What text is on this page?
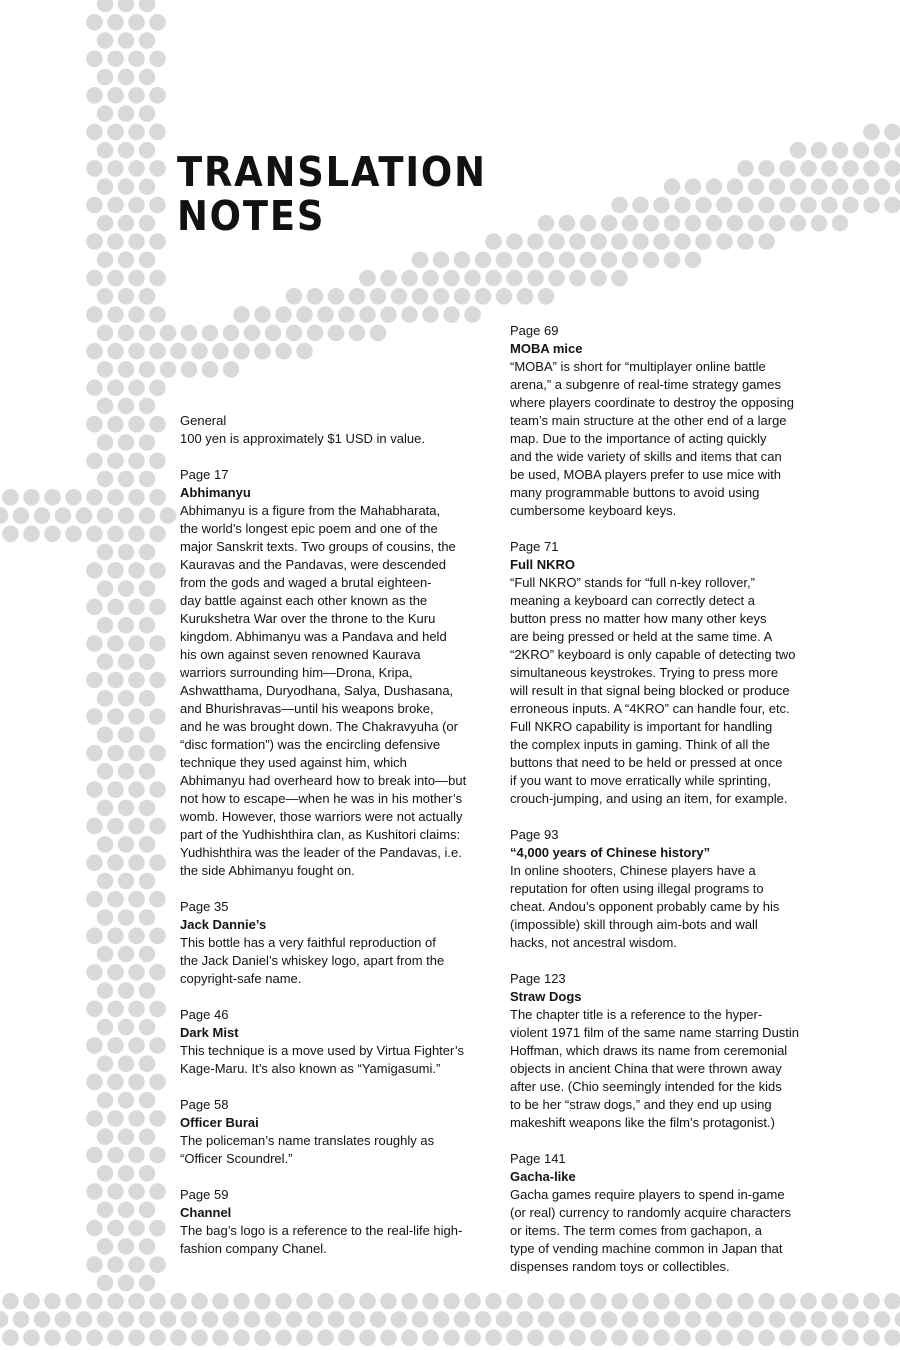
TRANSLATION
NOTES
General
100 yen is approximately $1 USD in value.
Page 17
Abhimanyu
Abhimanyu is a figure from the Mahabharata,
the world’s longest epic poem and one of the
major Sanskrit texts. Two groups of cousins, the
Kauravas and the Pandavas, were descended
from the gods and waged a brutal eighteen-
day battle against each other known as the
Kurukshetra War over the throne to the Kuru
kingdom. Abhimanyu was a Pandava and held
his own against seven renowned Kaurava
warriors surrounding him—Drona, Kripa,
Ashwatthama, Duryodhana, Salya, Dushasana,
and Bhurishravas—until his weapons broke,
and he was brought down. The Chakravyuha (or
“disc formation”) was the encircling defensive
technique they used against him, which
Abhimanyu had overheard how to break into—but
not how to escape—when he was in his mother’s
womb. However, those warriors were not actually
part of the Yudhishthira clan, as Kushitori claims:
Yudhishthira was the leader of the Pandavas, i.e.
the side Abhimanyu fought on.
Page 35
Jack Dannie’s
This bottle has a very faithful reproduction of
the Jack Daniel’s whiskey logo, apart from the
copyright-safe name.
Page 46
Dark Mist
This technique is a move used by Virtua Fighter’s
Kage-Maru. It’s also known as “Yamigasumi.”
Page 58
Officer Burai
The policeman’s name translates roughly as
“Officer Scoundrel.”
Page 59
Channel
The bag’s logo is a reference to the real-life high-
fashion company Chanel.
Page 69
MOBA mice
“MOBA” is short for “multiplayer online battle
arena,” a subgenre of real-time strategy games
where players coordinate to destroy the opposing
team’s main structure at the other end of a large
map. Due to the importance of acting quickly
and the wide variety of skills and items that can
be used, MOBA players prefer to use mice with
many programmable buttons to avoid using
cumbersome keyboard keys.
Page 71
Full NKRO
“Full NKRO” stands for “full n-key rollover,”
meaning a keyboard can correctly detect a
button press no matter how many other keys
are being pressed or held at the same time. A
“2KRO” keyboard is only capable of detecting two
simultaneous keystrokes. Trying to press more
will result in that signal being blocked or produce
erroneous inputs. A “4KRO” can handle four, etc.
Full NKRO capability is important for handling
the complex inputs in gaming. Think of all the
buttons that need to be held or pressed at once
if you want to move erratically while sprinting,
crouch-jumping, and using an item, for example.
Page 93
“4,000 years of Chinese history”
In online shooters, Chinese players have a
reputation for often using illegal programs to
cheat. Andou’s opponent probably came by his
(impossible) skill through aim-bots and wall
hacks, not ancestral wisdom.
Page 123
Straw Dogs
The chapter title is a reference to the hyper-
violent 1971 film of the same name starring Dustin
Hoffman, which draws its name from ceremonial
objects in ancient China that were thrown away
after use. (Chio seemingly intended for the kids
to be her “straw dogs,” and they end up using
makeshift weapons like the film’s protagonist.)
Page 141
Gacha-like
Gacha games require players to spend in-game
(or real) currency to randomly acquire characters
or items. The term comes from gachapon, a
type of vending machine common in Japan that
dispenses random toys or collectibles.
